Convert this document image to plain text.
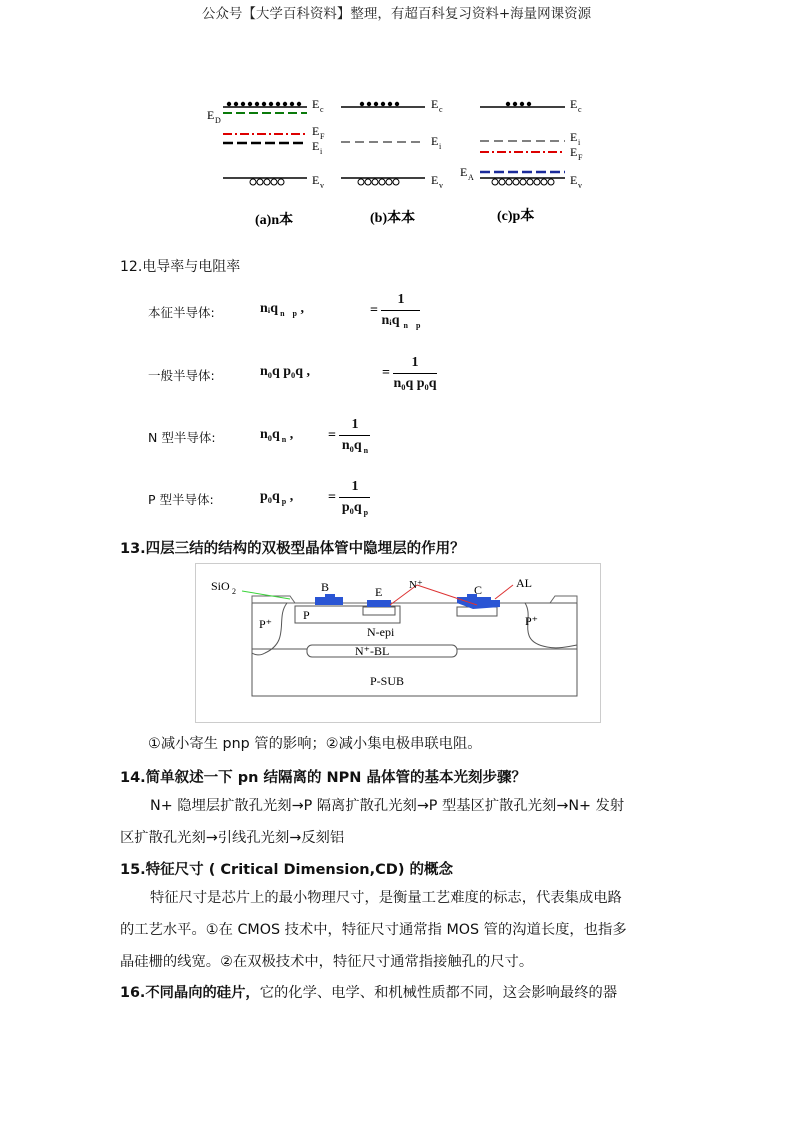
公众号【大学百科资料】整理，有超百科复习资料+海量网课资源
E D
E c
E F
E i
E v
(a)n本
E c
E i
E v
(b)本本
E c
E i
E F
E A	E v
(c)p本
12.电导率与电阻率
本征半导体:	nᵢq $_{n p}$ ,	= $\frac{1}{nᵢq _{n p}}$
一般半导体:	n₀q p₀q ,	= $\frac{1}{\text{n₀q p₀q}}$
N 型半导体:	n₀q $_n$ , = $\frac{1}{n_0q _n}$
P 型半导体:	p₀q $_p$ , = $\frac{1}{p_0q _p}$
13.四层三结的结构的双极型晶体管中隐埋层的作用？
SiO 2	B	E N⁺	C	AL
P⁺
P
N-epi
P⁺
N⁺-BL
P-SUB
①减小寄生 pnp 管的影响；②减小集电极串联电阻。
14.简单叙述一下 pn 结隔离的 NPN 晶体管的基本光刻步骤？
N+ 隐埋层扩散孔光刻→P 隔离扩散孔光刻→P 型基区扩散孔光刻→N+ 发射
区扩散孔光刻→引线孔光刻→反刻铝
15.特征尺寸 ( Critical Dimension,CD) 的概念
特征尺寸是芯片上的最小物理尺寸，是衡量工艺难度的标志，代表集成电路
的工艺水平。①在 CMOS 技术中，特征尺寸通常指 MOS 管的沟道长度，也指多
晶硅栅的线宽。②在双极技术中，特征尺寸通常指接触孔的尺寸。
16.不同晶向的硅片，它的化学、电学、和机械性质都不同，这会影响最终的器
